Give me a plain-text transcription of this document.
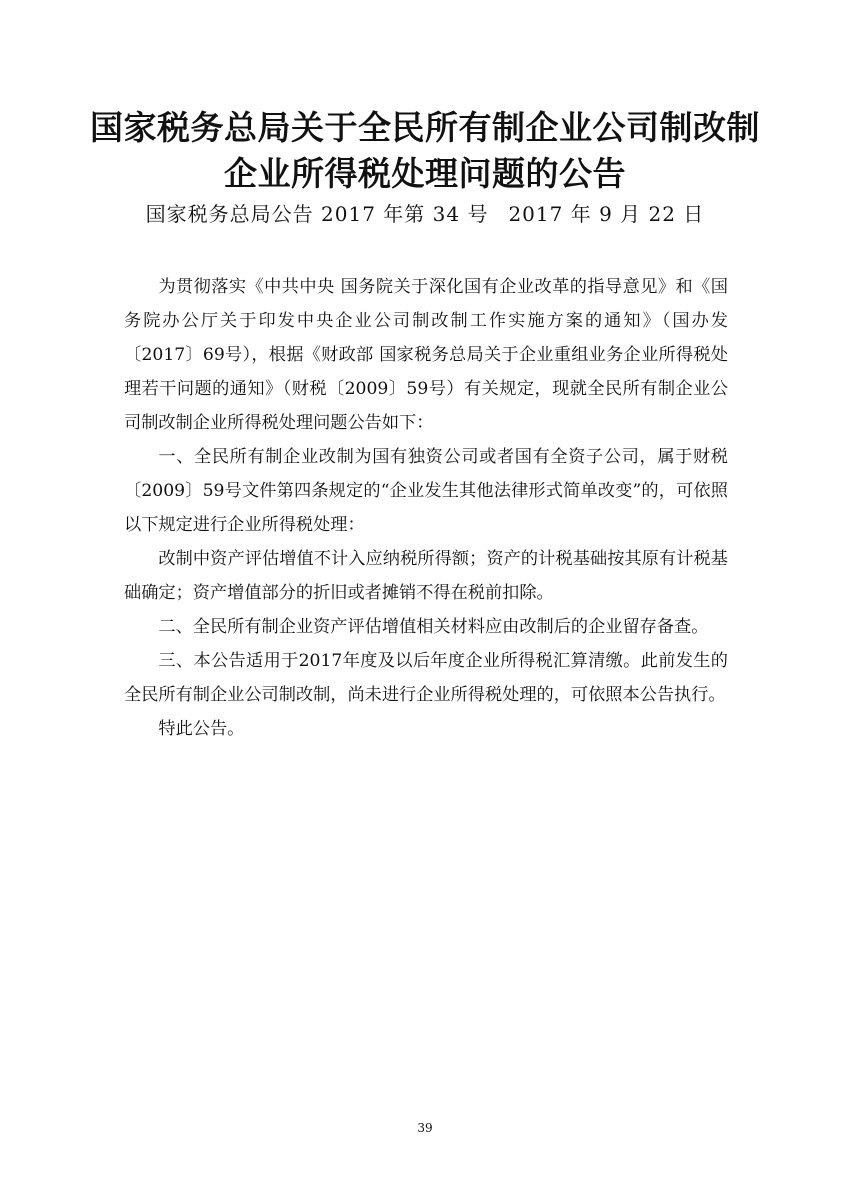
国家税务总局关于全民所有制企业公司制改制
企业所得税处理问题的公告
国家税务总局公告 2017 年第 34 号 2017 年 9 月 22 日

为贯彻落实《中共中央 国务院关于深化国有企业改革的指导意见》和《国务院办公厅关于印发中央企业公司制改制工作实施方案的通知》（国办发〔2017〕69号），根据《财政部 国家税务总局关于企业重组业务企业所得税处理若干问题的通知》（财税〔2009〕59号）有关规定，现就全民所有制企业公司制改制企业所得税处理问题公告如下：

一、全民所有制企业改制为国有独资公司或者国有全资子公司，属于财税〔2009〕59号文件第四条规定的“企业发生其他法律形式简单改变”的，可依照以下规定进行企业所得税处理：

改制中资产评估增值不计入应纳税所得额；资产的计税基础按其原有计税基础确定；资产增值部分的折旧或者摊销不得在税前扣除。

二、全民所有制企业资产评估增值相关材料应由改制后的企业留存备查。

三、本公告适用于2017年度及以后年度企业所得税汇算清缴。此前发生的全民所有制企业公司制改制，尚未进行企业所得税处理的，可依照本公告执行。

特此公告。

39
